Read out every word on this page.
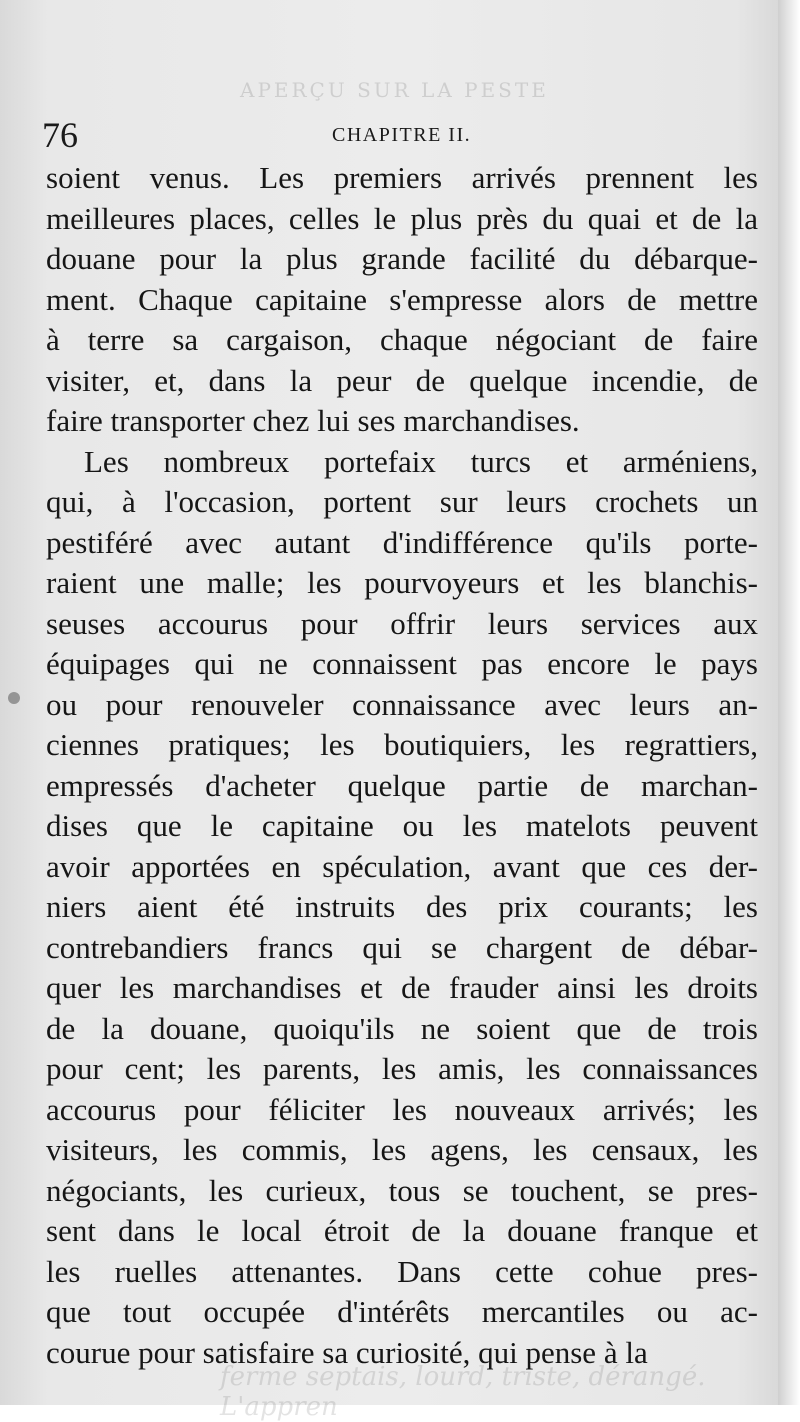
APERÇU SUR LA PESTE
ferme septais, lourd, triste, dérangé. L'appren
76	CHAPITRE II.
soient venus. Les premiers arrivés prennent les
meilleures places, celles le plus près du quai et de la
douane pour la plus grande facilité du débarque-
ment. Chaque capitaine s'empresse alors de mettre
à terre sa cargaison, chaque négociant de faire
visiter, et, dans la peur de quelque incendie, de
faire transporter chez lui ses marchandises.
Les nombreux portefaix turcs et arméniens,
qui, à l'occasion, portent sur leurs crochets un
pestiféré avec autant d'indifférence qu'ils porte-
raient une malle; les pourvoyeurs et les blanchis-
seuses accourus pour offrir leurs services aux
équipages qui ne connaissent pas encore le pays
ou pour renouveler connaissance avec leurs an-
ciennes pratiques; les boutiquiers, les regrattiers,
empressés d'acheter quelque partie de marchan-
dises que le capitaine ou les matelots peuvent
avoir apportées en spéculation, avant que ces der-
niers aient été instruits des prix courants; les
contrebandiers francs qui se chargent de débar-
quer les marchandises et de frauder ainsi les droits
de la douane, quoiqu'ils ne soient que de trois
pour cent; les parents, les amis, les connaissances
accourus pour féliciter les nouveaux arrivés; les
visiteurs, les commis, les agens, les censaux, les
négociants, les curieux, tous se touchent, se pres-
sent dans le local étroit de la douane franque et
les ruelles attenantes. Dans cette cohue pres-
que tout occupée d'intérêts mercantiles ou ac-
courue pour satisfaire sa curiosité, qui pense à la
